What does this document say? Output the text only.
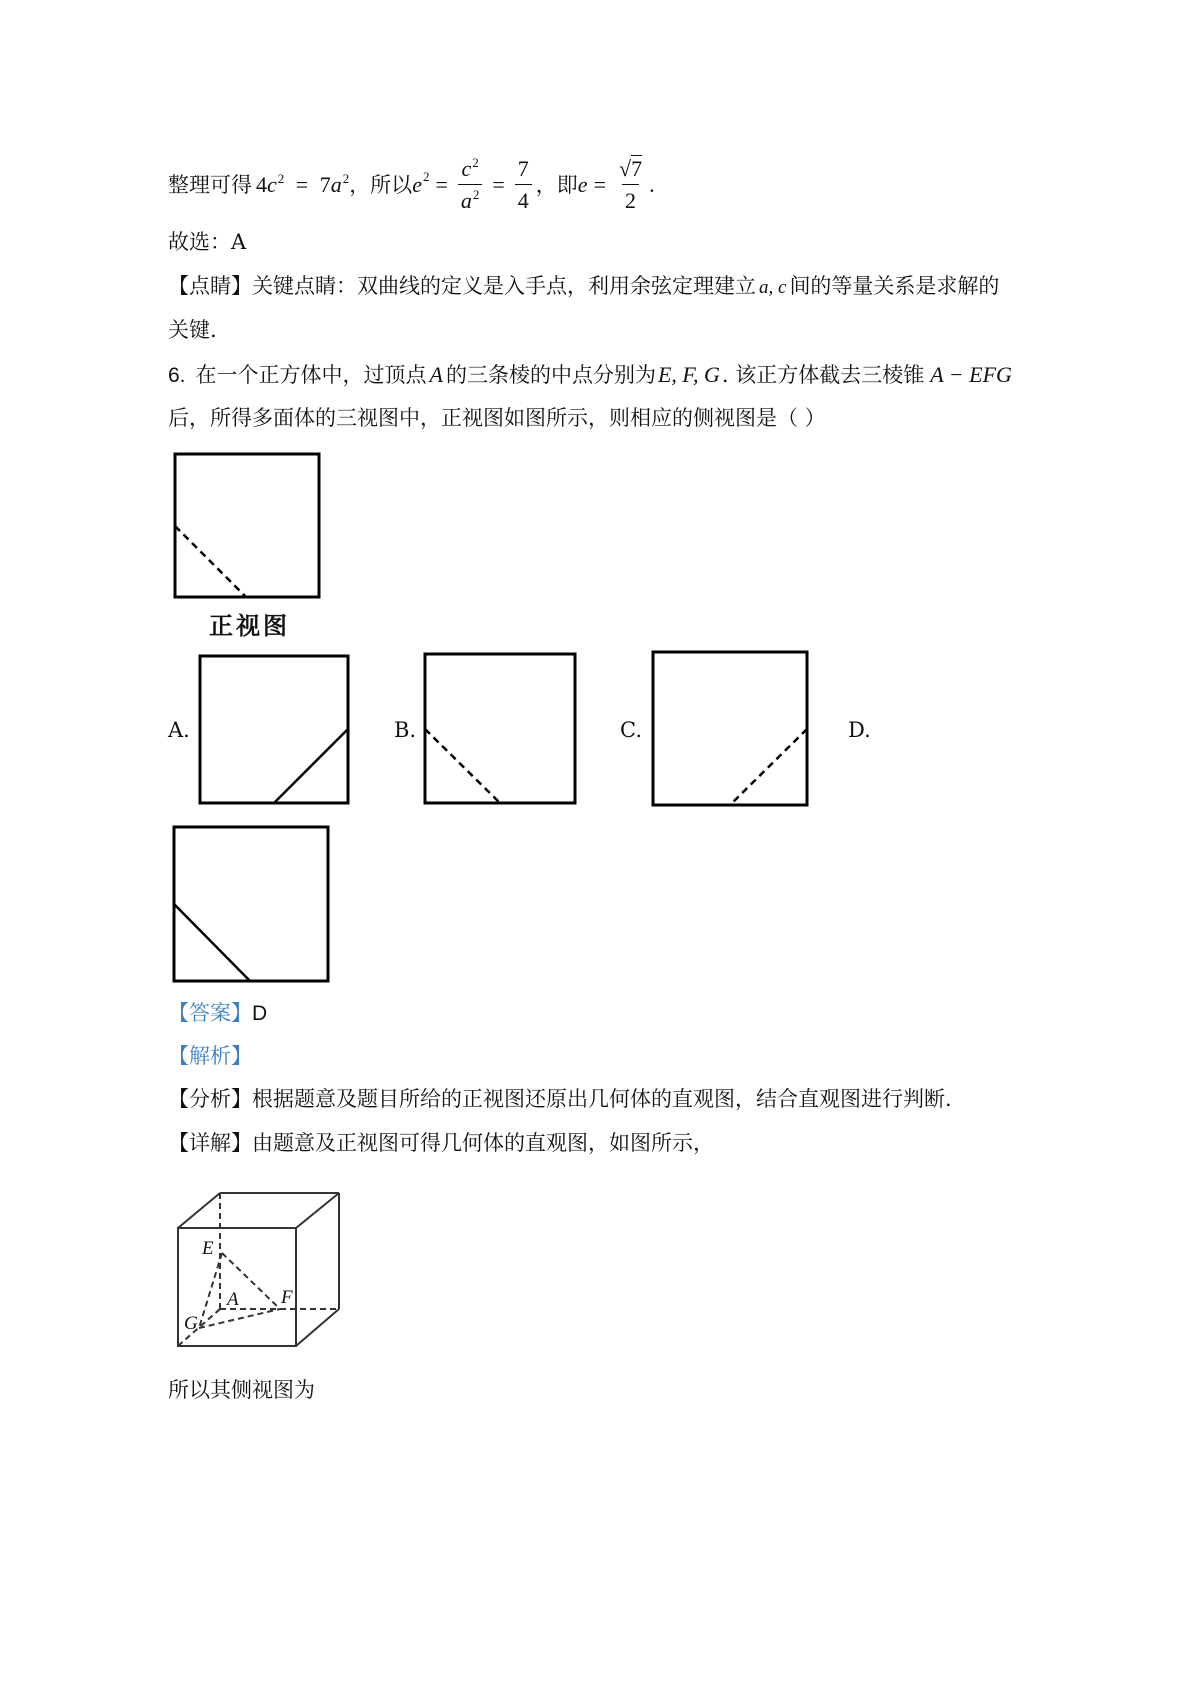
整理可得 $4c^2 = 7a^2$ ，所以 e $2 = \frac{c^2}{a^2} = \frac{7}{4}$ ，即 $e = \frac{√7}{2}$ .
故选：A
【点睛】关键点睛：双曲线的定义是入手点，利用余弦定理建立 a, c 间的等量关系是求解的
关键.
6. 在一个正方体中，过顶点 A 的三条棱的中点分别为E, F, G. 该正方体截去三棱锥 A − EFG
后，所得多面体的三视图中，正视图如图所示，则相应的侧视图是（ ）
正视图
A.	B.	C.	D.
【答案】D
【解析】
【分析】根据题意及题目所给的正视图还原出几何体的直观图，结合直观图进行判断.
【详解】由题意及正视图可得几何体的直观图，如图所示，
E
A F
G
所以其侧视图为
